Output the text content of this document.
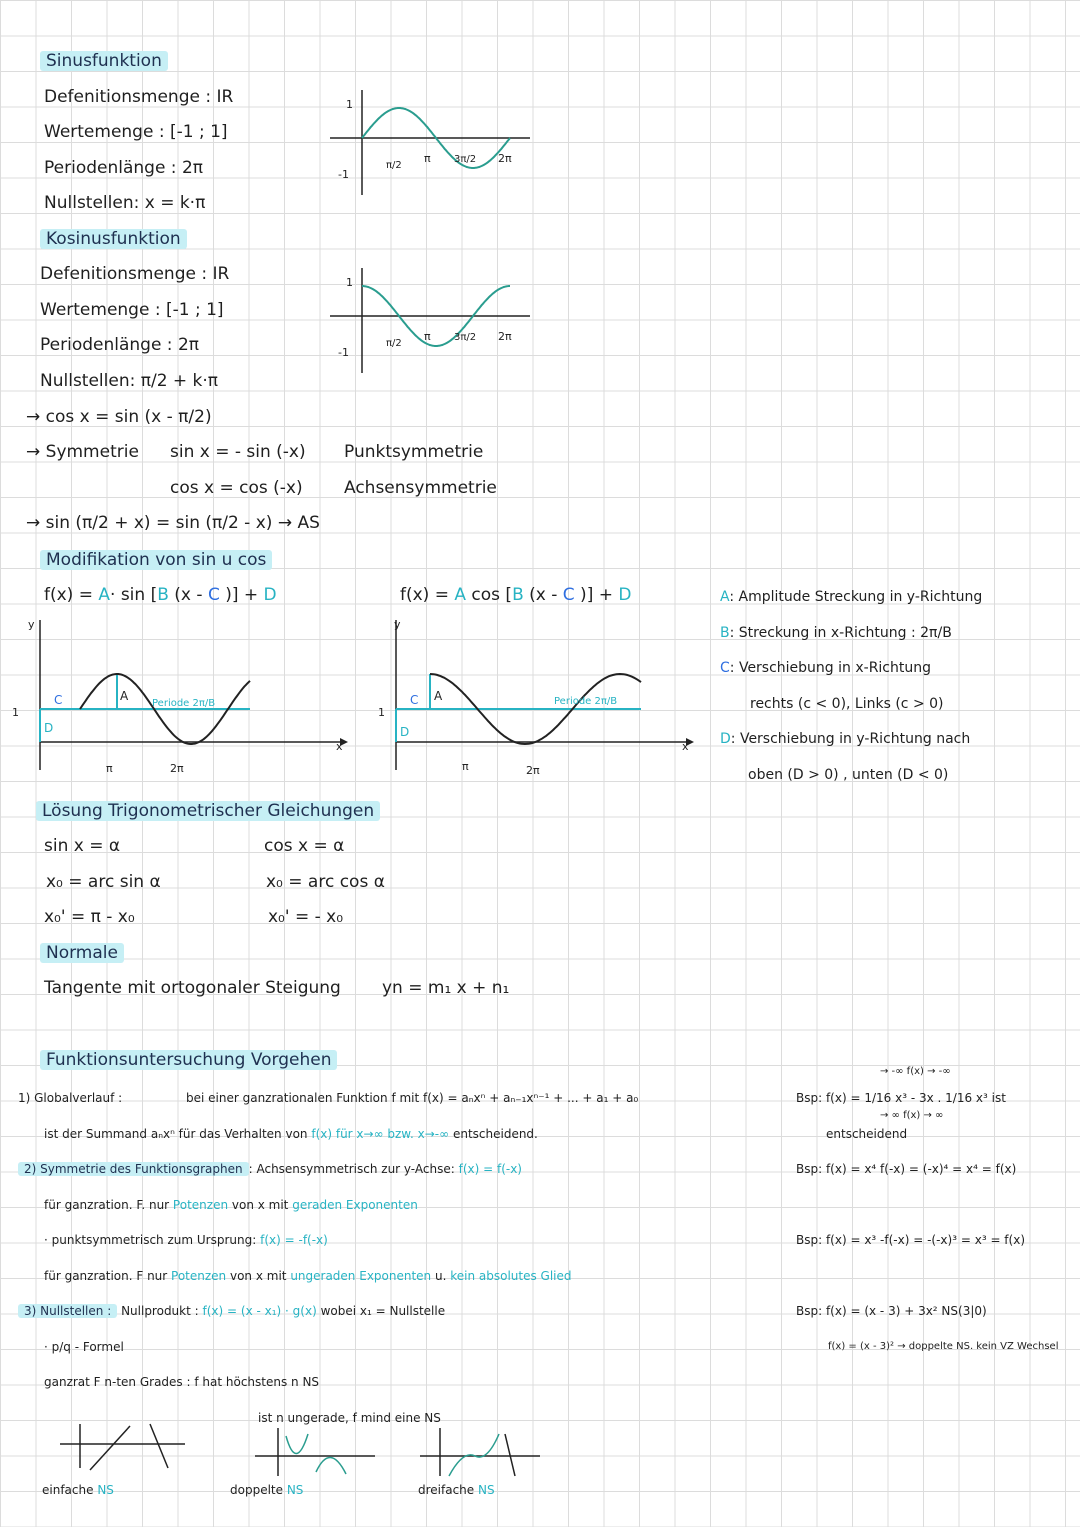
Sinusfunktion
Defenitionsmenge : IR
Wertemenge : [-1 ; 1]
Periodenlänge : 2π
Nullstellen: x = k·π
1
-1
π/2
π 3π/2 2π
Kosinusfunktion
Defenitionsmenge : IR
Wertemenge : [-1 ; 1]
Periodenlänge : 2π
Nullstellen: π/2 + k·π
1
-1
π/2
π 3π/2 2π
→ cos x = sin (x - π/2)
→ Symmetrie sin x = - sin (-x) Punktsymmetrie
cos x = cos (-x) Achsensymmetrie
→ sin (π/2 + x) = sin (π/2 - x) → AS
Modifikation von sin u cos
f(x) = A· sin [B (x - C )] + D	f(x) = A cos [B (x - C )] + D
y
1
x
C	A
D
Periode 2π/B
π	2π
y
1
x
C A
D
Periode 2π/B
π	2π
A: Amplitude Streckung in y-Richtung
B: Streckung in x-Richtung : 2π/B
C: Verschiebung in x-Richtung
rechts (c < 0), Links (c > 0)
D: Verschiebung in y-Richtung nach
oben (D > 0) , unten (D < 0)
Lösung Trigonometrischer Gleichungen
sin x = α	cos x = α
x₀ = arc sin α	x₀ = arc cos α
x₀' = π - x₀	x₀' = - x₀
Normale
Tangente mit ortogonaler Steigung yn = m₁ x + n₁
Funktionsuntersuchung Vorgehen
1) Globalverlauf :	bei einer ganzrationalen Funktion f mit f(x) = aₙxⁿ + aₙ₋₁xⁿ⁻¹ + ... + a₁ + a₀
ist der Summand aₙxⁿ für das Verhalten von f(x) für x→∞ bzw. x→-∞ entscheidend.
→ -∞ f(x) → -∞
Bsp: f(x) = 1/16 x³ - 3x . 1/16 x³ ist
→ ∞ f(x) → ∞
entscheidend
2) Symmetrie des Funktionsgraphen : Achsensymmetrisch zur y-Achse: f(x) = f(-x)
für ganzration. F. nur Potenzen von x mit geraden Exponenten
Bsp: f(x) = x⁴ f(-x) = (-x)⁴ = x⁴ = f(x)
· punktsymmetrisch zum Ursprung: f(x) = -f(-x)
für ganzration. F nur Potenzen von x mit ungeraden Exponenten u. kein absolutes Glied
Bsp: f(x) = x³ -f(-x) = -(-x)³ = x³ = f(x)
3) Nullstellen : Nullprodukt : f(x) = (x - x₁) · g(x) wobei x₁ = Nullstelle	Bsp: f(x) = (x - 3) + 3x² NS(3|0)
f(x) = (x - 3)² → doppelte NS. kein VZ Wechsel
· p/q - Formel
ganzrat F n-ten Grades : f hat höchstens n NS
ist n ungerade, f mind eine NS
einfache NS	doppelte NS	dreifache NS
